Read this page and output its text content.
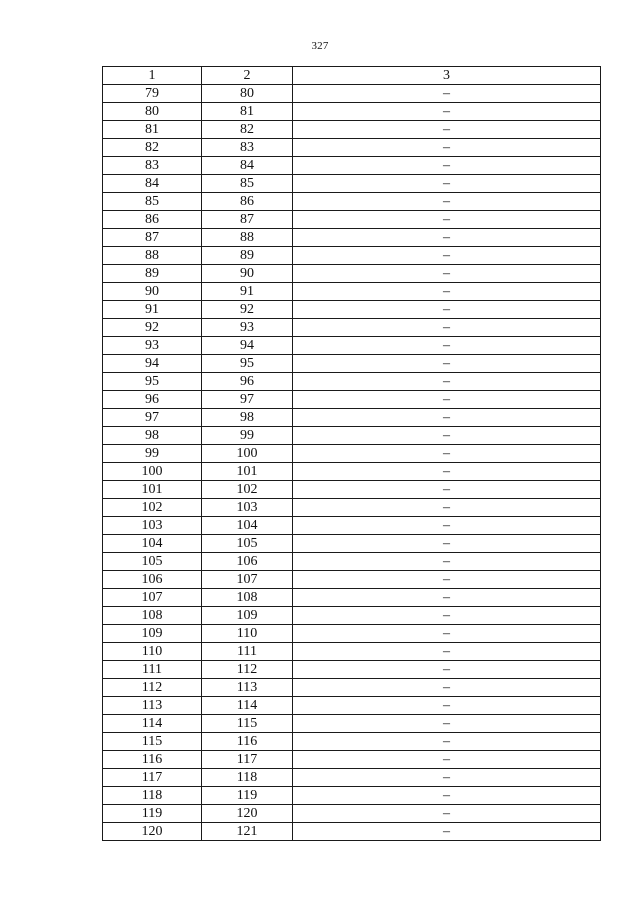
327
1	2	3
79	80	–
80	81	–
81	82	–
82	83	–
83	84	–
84	85	–
85	86	–
86	87	–
87	88	–
88	89	–
89	90	–
90	91	–
91	92	–
92	93	–
93	94	–
94	95	–
95	96	–
96	97	–
97	98	–
98	99	–
99	100	–
100	101	–
101	102	–
102	103	–
103	104	–
104	105	–
105	106	–
106	107	–
107	108	–
108	109	–
109	110	–
110	111	–
111	112	–
112	113	–
113	114	–
114	115	–
115	116	–
116	117	–
117	118	–
118	119	–
119	120	–
120	121	–
